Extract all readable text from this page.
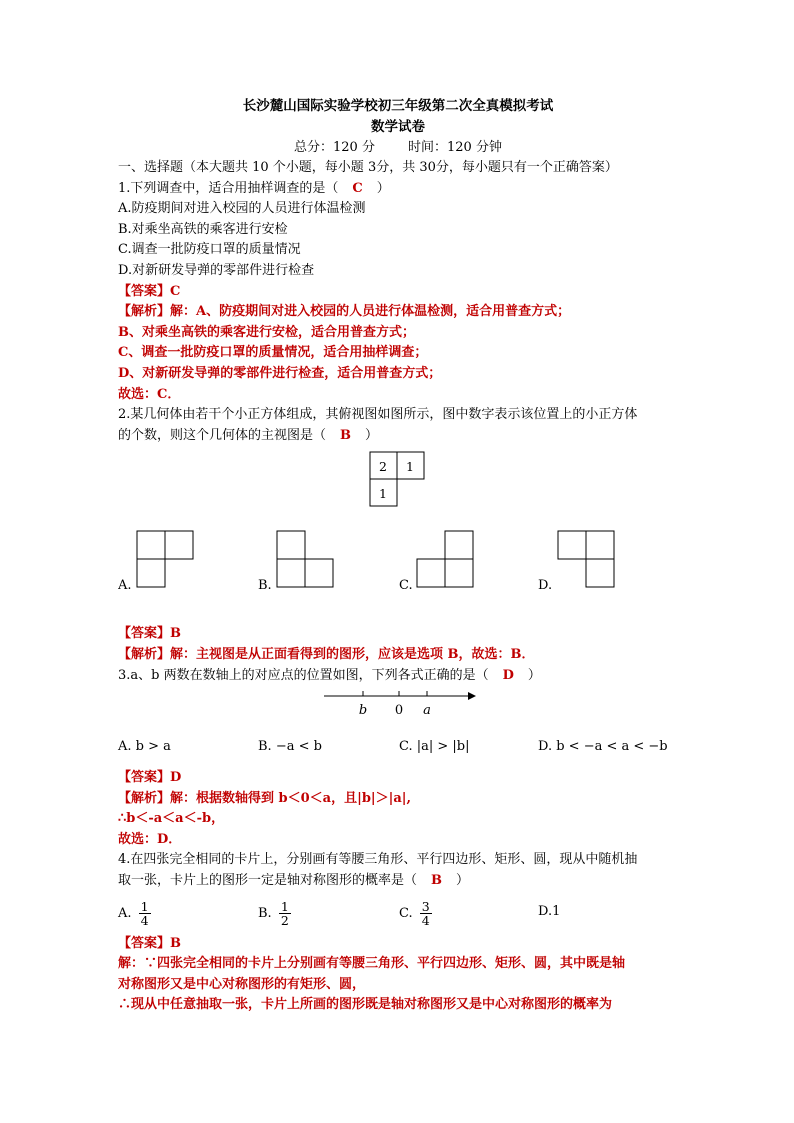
长沙麓山国际实验学校初三年级第二次全真模拟考试
数学试卷
总分：120 分        时间：120 分钟
一、选择题（本大题共 10 个小题，每小题 3分，共 30分，每小题只有一个正确答案）
1.下列调查中，适合用抽样调查的是（ C ）
A.防疫期间对进入校园的人员进行体温检测
B.对乘坐高铁的乘客进行安检
C.调查一批防疫口罩的质量情况
D.对新研发导弹的零部件进行检查
【答案】C
【解析】解：A、防疫期间对进入校园的人员进行体温检测，适合用普查方式；
B、对乘坐高铁的乘客进行安检，适合用普查方式；
C、调查一批防疫口罩的质量情况，适合用抽样调查；
D、对新研发导弹的零部件进行检查，适合用普查方式；
故选：C．
2.某几何体由若干个小正方体组成，其俯视图如图所示，图中数字表示该位置上的小正方体
的个数，则这个几何体的主视图是（ B ）
2 1
1
A.	B.	C.	D.
【答案】B
【解析】解：主视图是从正面看得到的图形，应该是选项 B，故选：B．
3.a、b 两数在数轴上的对应点的位置如图，下列各式正确的是（ D ）
b 0 a
A. b > a	B. −a < b	C. |a| > |b|	D. b < −a < a < −b
【答案】D
【解析】解：根据数轴得到 b＜0＜a，且|b|＞|a|,
∴b＜-a＜a＜-b，
故选：D．
4.在四张完全相同的卡片上，分别画有等腰三角形、平行四边形、矩形、圆，现从中随机抽
取一张，卡片上的图形一定是轴对称图形的概率是（ B ）
A. $\frac{1}{4}$	B. $\frac{1}{2}$	C. $\frac{3}{4}$	D.1
【答案】B
解：∵四张完全相同的卡片上分别画有等腰三角形、平行四边形、矩形、圆，其中既是轴
对称图形又是中心对称图形的有矩形、圆，
∴现从中任意抽取一张，卡片上所画的图形既是轴对称图形又是中心对称图形的概率为
